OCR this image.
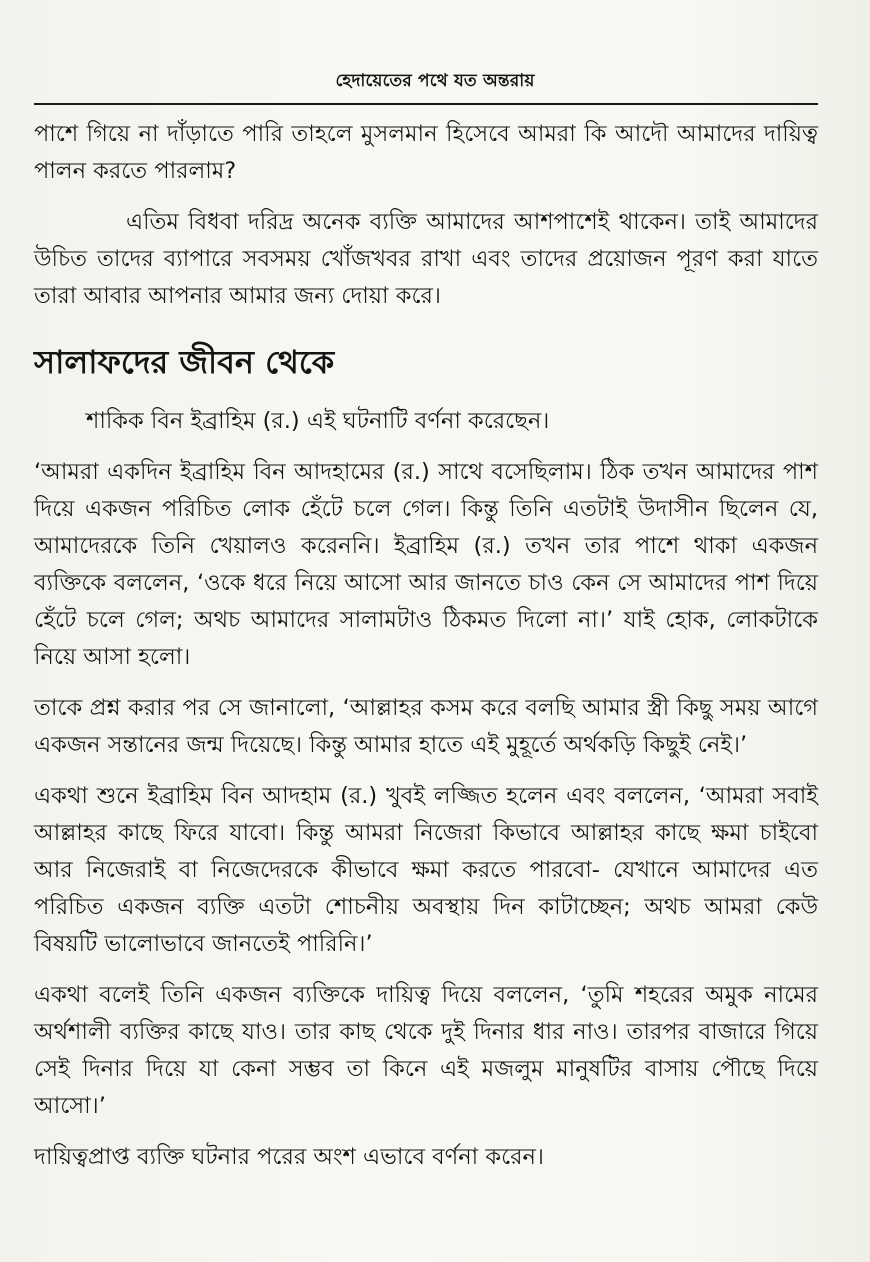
হেদায়েতের পথে যত অন্তরায়

পাশে গিয়ে না দাঁড়াতে পারি তাহলে মুসলমান হিসেবে আমরা কি আদৌ আমাদের দায়িত্ব পালন করতে পারলাম?

এতিম বিধবা দরিদ্র অনেক ব্যক্তি আমাদের আশপাশেই থাকেন। তাই আমাদের উচিত তাদের ব্যাপারে সবসময় খোঁজখবর রাখা এবং তাদের প্রয়োজন পূরণ করা যাতে তারা আবার আপনার আমার জন্য দোয়া করে।

সালাফদের জীবন থেকে

শাকিক বিন ইব্রাহিম (র.) এই ঘটনাটি বর্ণনা করেছেন।

‘আমরা একদিন ইব্রাহিম বিন আদহামের (র.) সাথে বসেছিলাম। ঠিক তখন আমাদের পাশ দিয়ে একজন পরিচিত লোক হেঁটে চলে গেল। কিন্তু তিনি এতটাই উদাসীন ছিলেন যে, আমাদেরকে তিনি খেয়ালও করেননি। ইব্রাহিম (র.) তখন তার পাশে থাকা একজন ব্যক্তিকে বললেন, ‘ওকে ধরে নিয়ে আসো আর জানতে চাও কেন সে আমাদের পাশ দিয়ে হেঁটে চলে গেল; অথচ আমাদের সালামটাও ঠিকমত দিলো না।’ যাই হোক, লোকটাকে নিয়ে আসা হলো।

তাকে প্রশ্ন করার পর সে জানালো, ‘আল্লাহর কসম করে বলছি আমার স্ত্রী কিছু সময় আগে একজন সন্তানের জন্ম দিয়েছে। কিন্তু আমার হাতে এই মুহূর্তে অর্থকড়ি কিছুই নেই।’

একথা শুনে ইব্রাহিম বিন আদহাম (র.) খুবই লজ্জিত হলেন এবং বললেন, ‘আমরা সবাই আল্লাহর কাছে ফিরে যাবো। কিন্তু আমরা নিজেরা কিভাবে আল্লাহর কাছে ক্ষমা চাইবো আর নিজেরাই বা নিজেদেরকে কীভাবে ক্ষমা করতে পারবো- যেখানে আমাদের এত পরিচিত একজন ব্যক্তি এতটা শোচনীয় অবস্থায় দিন কাটাচ্ছেন; অথচ আমরা কেউ বিষয়টি ভালোভাবে জানতেই পারিনি।’

একথা বলেই তিনি একজন ব্যক্তিকে দায়িত্ব দিয়ে বললেন, ‘তুমি শহরের অমুক নামের অর্থশালী ব্যক্তির কাছে যাও। তার কাছ থেকে দুই দিনার ধার নাও। তারপর বাজারে গিয়ে সেই দিনার দিয়ে যা কেনা সম্ভব তা কিনে এই মজলুম মানুষটির বাসায় পৌছে দিয়ে আসো।’

দায়িত্বপ্রাপ্ত ব্যক্তি ঘটনার পরের অংশ এভাবে বর্ণনা করেন।
